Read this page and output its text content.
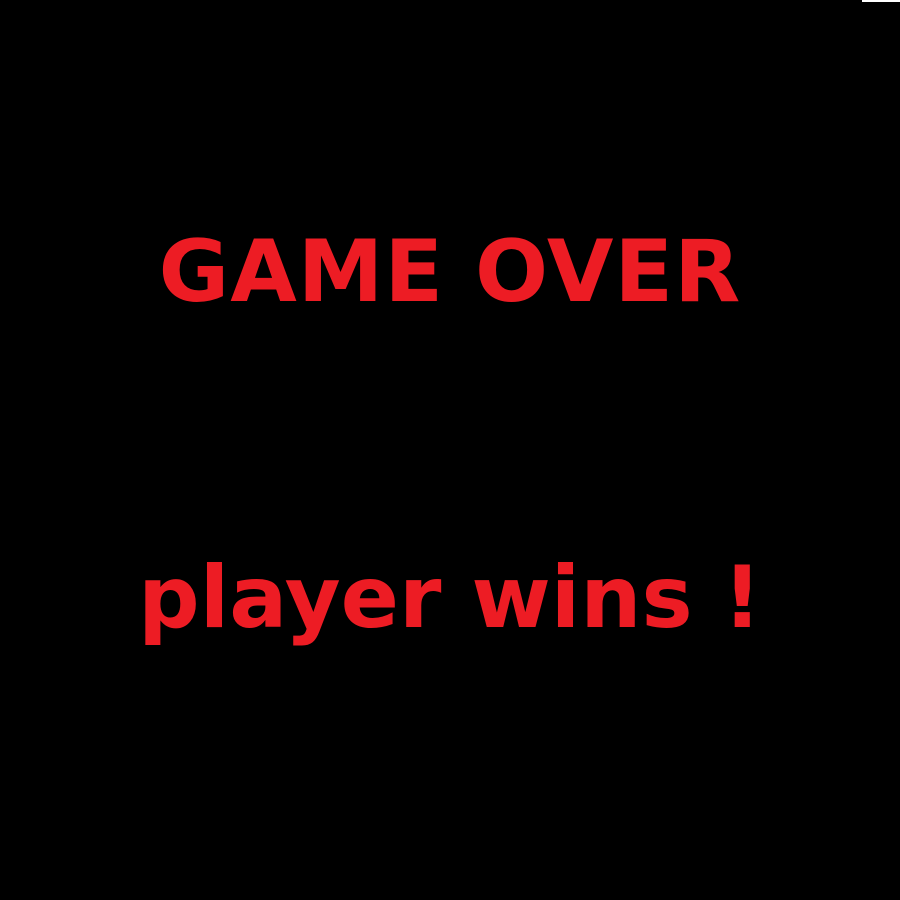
GAME OVER
player wins !
